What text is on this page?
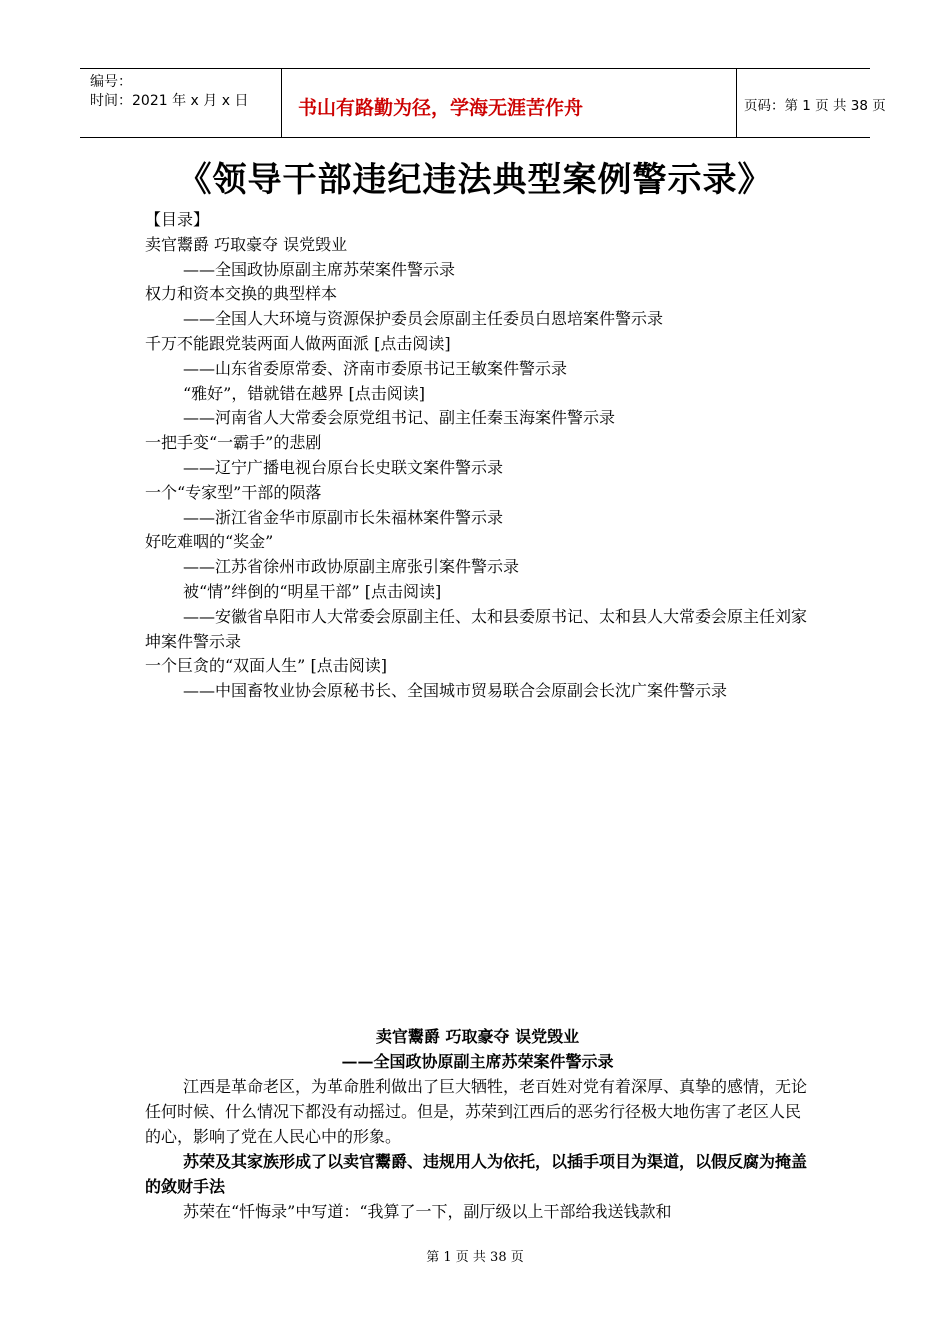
编号：
时间：2021 年 x 月 x 日	书山有路勤为径，学海无涯苦作舟	页码：第 1 页 共 38 页
《领导干部违纪违法典型案例警示录》
【目录】
卖官鬻爵 巧取豪夺 误党毁业
——全国政协原副主席苏荣案件警示录
权力和资本交换的典型样本
——全国人大环境与资源保护委员会原副主任委员白恩培案件警示录
千万不能跟党装两面人做两面派 [点击阅读]
——山东省委原常委、济南市委原书记王敏案件警示录
“雅好”，错就错在越界 [点击阅读]
——河南省人大常委会原党组书记、副主任秦玉海案件警示录
一把手变“一霸手”的悲剧
——辽宁广播电视台原台长史联文案件警示录
一个“专家型”干部的陨落
——浙江省金华市原副市长朱福林案件警示录
好吃难咽的“奖金”
——江苏省徐州市政协原副主席张引案件警示录
被“情”绊倒的“明星干部” [点击阅读]
——安徽省阜阳市人大常委会原副主任、太和县委原书记、太和县人大常委会原主任刘家坤案件警示录
一个巨贪的“双面人生” [点击阅读]
——中国畜牧业协会原秘书长、全国城市贸易联合会原副会长沈广案件警示录
卖官鬻爵 巧取豪夺 误党毁业
——全国政协原副主席苏荣案件警示录
江西是革命老区，为革命胜利做出了巨大牺牲，老百姓对党有着深厚、真挚的感情，无论任何时候、什么情况下都没有动摇过。但是，苏荣到江西后的恶劣行径极大地伤害了老区人民的心，影响了党在人民心中的形象。
苏荣及其家族形成了以卖官鬻爵、违规用人为依托，以插手项目为渠道，以假反腐为掩盖的敛财手法
苏荣在“忏悔录”中写道：“我算了一下，副厅级以上干部给我送钱款和
第 1 页 共 38 页
